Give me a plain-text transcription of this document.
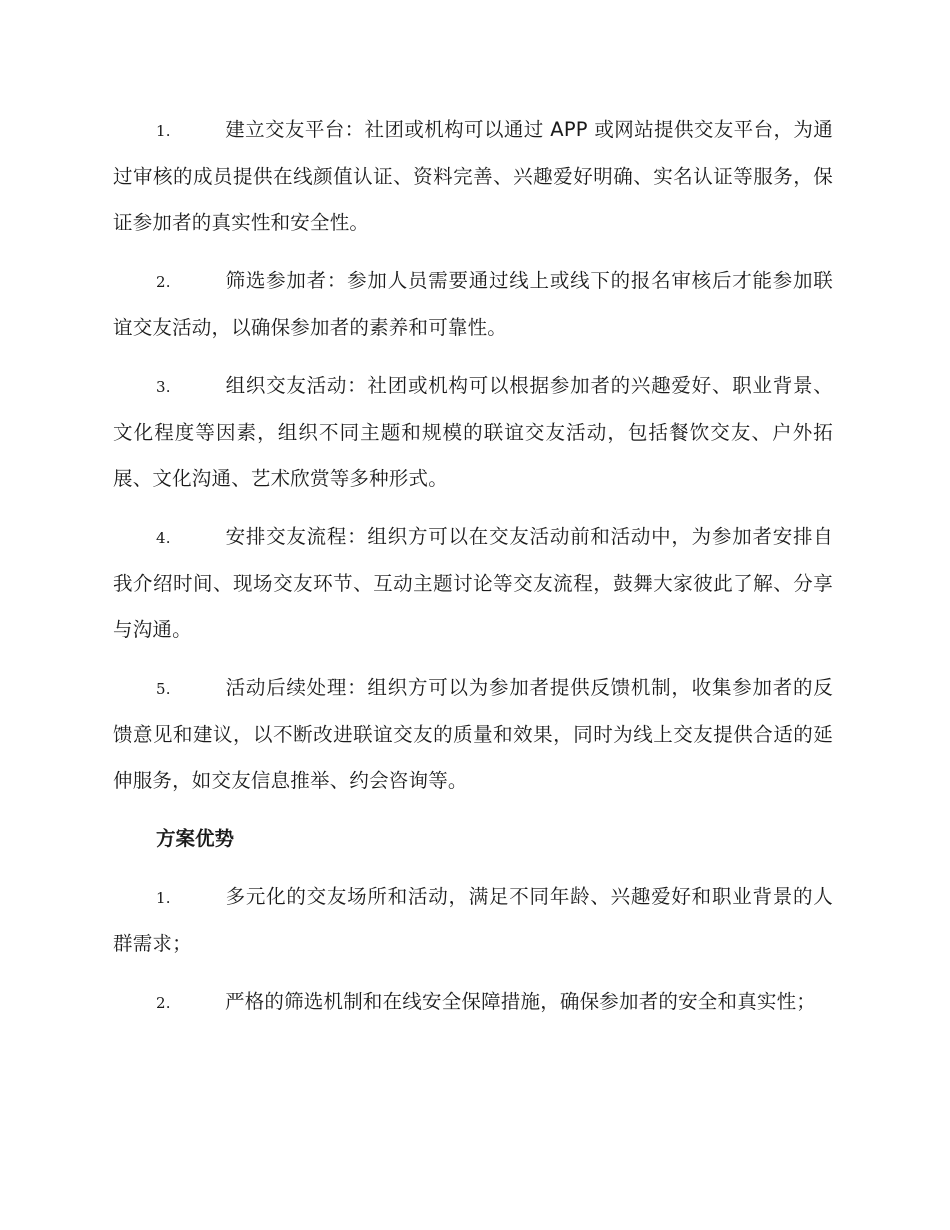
1.	建立交友平台：社团或机构可以通过 APP 或网站提供交友平台，为通过审核的成员提供在线颜值认证、资料完善、兴趣爱好明确、实名认证等服务，保证参加者的真实性和安全性。

2.	筛选参加者：参加人员需要通过线上或线下的报名审核后才能参加联谊交友活动，以确保参加者的素养和可靠性。

3.	组织交友活动：社团或机构可以根据参加者的兴趣爱好、职业背景、文化程度等因素，组织不同主题和规模的联谊交友活动，包括餐饮交友、户外拓展、文化沟通、艺术欣赏等多种形式。

4.	安排交友流程：组织方可以在交友活动前和活动中，为参加者安排自我介绍时间、现场交友环节、互动主题讨论等交友流程，鼓舞大家彼此了解、分享与沟通。

5.	活动后续处理：组织方可以为参加者提供反馈机制，收集参加者的反馈意见和建议，以不断改进联谊交友的质量和效果，同时为线上交友提供合适的延伸服务，如交友信息推举、约会咨询等。

方案优势

1.	多元化的交友场所和活动，满足不同年龄、兴趣爱好和职业背景的人群需求；

2.	严格的筛选机制和在线安全保障措施，确保参加者的安全和真实性；
